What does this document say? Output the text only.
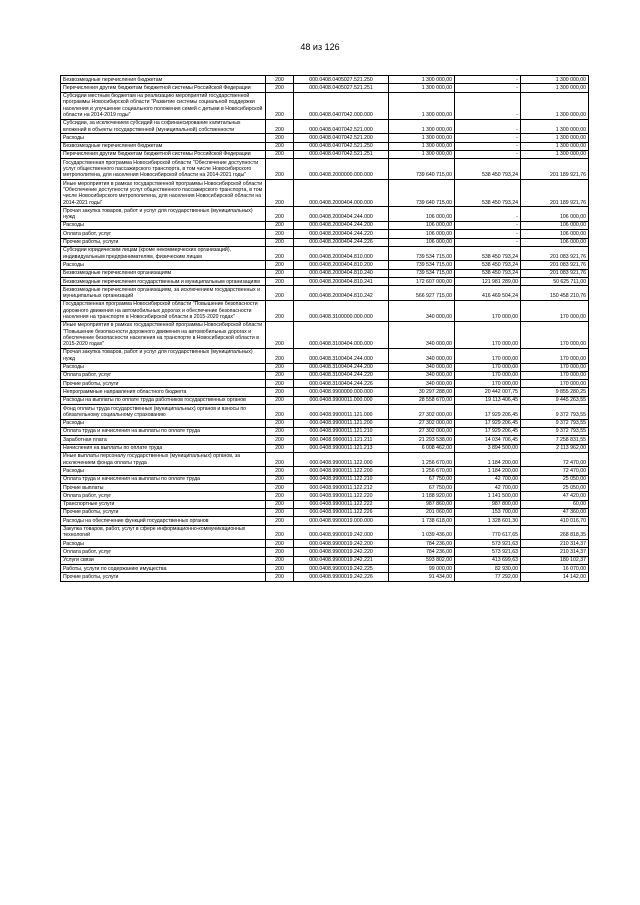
48 из 126
Безвозмездные перечисления бюджетам	200	000.0408.0405027.521.250	1 300 000,00	-	1 300 000,00
Перечисления другим бюджетам бюджетной системы Российской Федерации	200	000.0408.0405027.521.251	1 300 000,00	-	1 300 000,00
Субсидии местным бюджетам на реализацию мероприятий государственной программы Новосибирской области "Развитие системы социальной поддержки населения и улучшение социального положения семей с детьми в Новосибирской области на 2014-2019 годы"	200	000.0408.0407042.000.000	1 300 000,00	-	1 300 000,00
Субсидии, за исключением субсидий на софинансирование капитальных вложений в объекты государственной (муниципальной) собственности	200	000.0408.0407042.521.000	1 300 000,00	-	1 300 000,00
Расходы	200	000.0408.0407042.521.200	1 300 000,00	-	1 300 000,00
Безвозмездные перечисления бюджетам	200	000.0408.0407042.521.250	1 300 000,00	-	1 300 000,00
Перечисления другим бюджетам бюджетной системы Российской Федерации	200	000.0408.0407042.521.251	1 300 000,00	-	1 300 000,00
Государственная программа Новосибирской области "Обеспечение доступности услуг общественного пассажирского транспорта, в том числе Новосибирского метрополитена, для населения Новосибирской области на 2014-2021 годы"	200	000.0408.2000000.000.000	739 640 715,00	538 450 793,24	201 189 921,76
Иные мероприятия в рамках государственной программы Новосибирской области "Обеспечение доступности услуг общественного пассажирского транспорта, в том числе Новосибирского метрополитена, для населения Новосибирской области на 2014-2021 годы"	200	000.0408.2000404.000.000	739 640 715,00	538 450 793,24	201 189 921,76
Прочая закупка товаров, работ и услуг для государственных (муниципальных) нужд	200	000.0408.2000404.244.000	106 000,00	-	106 000,00
Расходы	200	000.0408.2000404.244.200	106 000,00	-	106 000,00
Оплата работ, услуг	200	000.0408.2000404.244.220	106 000,00	-	106 000,00
Прочие работы, услуги	200	000.0408.2000404.244.226	106 000,00	-	106 000,00
Субсидии юридическим лицам (кроме некоммерческих организаций), индивидуальным предпринимателям, физическим лицам	200	000.0408.2000404.810.000	739 534 715,00	538 450 793,24	201 083 921,76
Расходы	200	000.0408.2000404.810.200	739 534 715,00	538 450 793,24	201 083 921,76
Безвозмездные перечисления организациям	200	000.0408.2000404.810.240	739 534 715,00	538 450 793,24	201 083 921,76
Безвозмездные перечисления государственным и муниципальным организациям	200	000.0408.2000404.810.241	172 607 000,00	121 981 289,00	50 625 711,00
Безвозмездные перечисления организациям, за исключением государственных и муниципальных организаций	200	000.0408.2000404.810.242	566 927 715,00	416 469 504,24	150 458 210,76
Государственная программа Новосибирской области "Повышение безопасности дорожного движения на автомобильных дорогах и обеспечение безопасности населения на транспорте в Новосибирской области в 2015-2020 годах"	200	000.0408.3100000.000.000	340 000,00	170 000,00	170 000,00
Иные мероприятия в рамках государственной программы Новосибирской области "Повышение безопасности дорожного движения на автомобильных дорогах и обеспечение безопасности населения на транспорте в Новосибирской области в 2015-2020 годах"	200	000.0408.3100404.000.000	340 000,00	170 000,00	170 000,00
Прочая закупка товаров, работ и услуг для государственных (муниципальных) нужд	200	000.0408.3100404.244.000	340 000,00	170 000,00	170 000,00
Расходы	200	000.0408.3100404.244.200	340 000,00	170 000,00	170 000,00
Оплата работ, услуг	200	000.0408.3100404.244.220	340 000,00	170 000,00	170 000,00
Прочие работы, услуги	200	000.0408.3100404.244.226	340 000,00	170 000,00	170 000,00
Непрограммные направления областного бюджета	200	000.0408.9900000.000.000	30 297 288,00	20 442 007,75	9 855 280,25
Расходы на выплаты по оплате труда работников государственных органов	200	000.0408.9900011.000.000	28 558 670,00	19 113 406,45	9 445 263,55
Фонд оплаты труда государственных (муниципальных) органов и взносы по обязательному социальному страхованию	200	000.0408.9900011.121.000	27 302 000,00	17 929 206,45	9 372 793,55
Расходы	200	000.0408.9900011.121.200	27 302 000,00	17 929 206,45	9 372 793,55
Оплата труда и начисления на выплаты по оплате труда	200	000.0408.9900011.121.210	27 302 000,00	17 929 206,45	9 372 793,55
Заработная плата	200	000.0408.9900011.121.211	21 293 538,00	14 034 706,45	7 258 831,55
Начисления на выплаты по оплате труда	200	000.0408.9900011.121.213	6 008 462,00	3 894 500,00	2 113 962,00
Иные выплаты персоналу государственных (муниципальных) органов, за исключением фонда оплаты труда	200	000.0408.9900011.122.000	1 256 670,00	1 184 200,00	72 470,00
Расходы	200	000.0408.9900011.122.200	1 256 670,00	1 184 200,00	72 470,00
Оплата труда и начисления на выплаты по оплате труда	200	000.0408.9900011.122.210	67 750,00	42 700,00	25 050,00
Прочие выплаты	200	000.0408.9900011.122.212	67 750,00	42 700,00	25 050,00
Оплата работ, услуг	200	000.0408.9900011.122.220	1 188 920,00	1 141 500,00	47 420,00
Транспортные услуги	200	000.0408.9900011.122.222	987 860,00	987 800,00	60,00
Прочие работы, услуги	200	000.0408.9900011.122.226	201 060,00	153 700,00	47 360,00
Расходы на обеспечение функций государственных органов	200	000.0408.9900019.000.000	1 738 618,00	1 328 601,30	410 016,70
Закупка товаров, работ, услуг в сфере информационно-коммуникационных технологий	200	000.0408.9900019.242.000	1 039 436,00	770 617,65	268 818,35
Расходы	200	000.0408.9900019.242.200	784 236,00	573 921,63	210 314,37
Оплата работ, услуг	200	000.0408.9900019.242.220	784 236,00	573 921,63	210 314,37
Услуги связи	200	000.0408.9900019.242.221	593 802,00	413 699,63	180 102,37
Работы, услуги по содержанию имущества	200	000.0408.9900019.242.225	99 000,00	82 930,00	16 070,00
Прочие работы, услуги	200	000.0408.9900019.242.226	91 434,00	77 292,00	14 142,00
